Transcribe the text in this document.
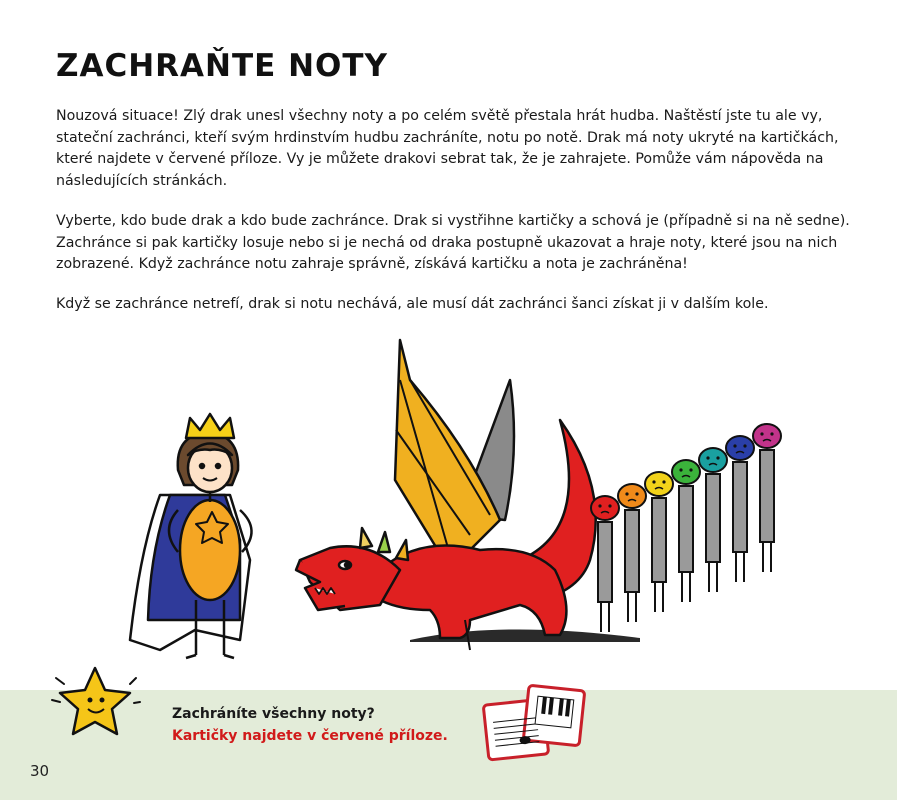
ZACHRAŇTE NOTY

Nouzová situace! Zlý drak unesl všechny noty a po celém světě přestala hrát hudba. Naštěstí jste tu ale vy, stateční zachránci, kteří svým hrdinstvím hudbu zachráníte, notu po notě. Drak má noty ukryté na kartičkách, které najdete v červené příloze. Vy je můžete drakovi sebrat tak, že je zahrajete. Pomůže vám nápověda na následujících stránkách.

Vyberte, kdo bude drak a kdo bude zachránce. Drak si vystřihne kartičky a schová je (případně si na ně sedne). Zachránce si pak kartičky losuje nebo si je nechá od draka postupně ukazovat a hraje noty, které jsou na nich zobrazené. Když zachránce notu zahraje správně, získává kartičku a nota je zachráněna!

Když se zachránce netrefí, drak si notu nechává, ale musí dát zachránci šanci získat ji v dalším kole.

Zachráníte všechny noty?

Kartičky najdete v červené příloze.

30
